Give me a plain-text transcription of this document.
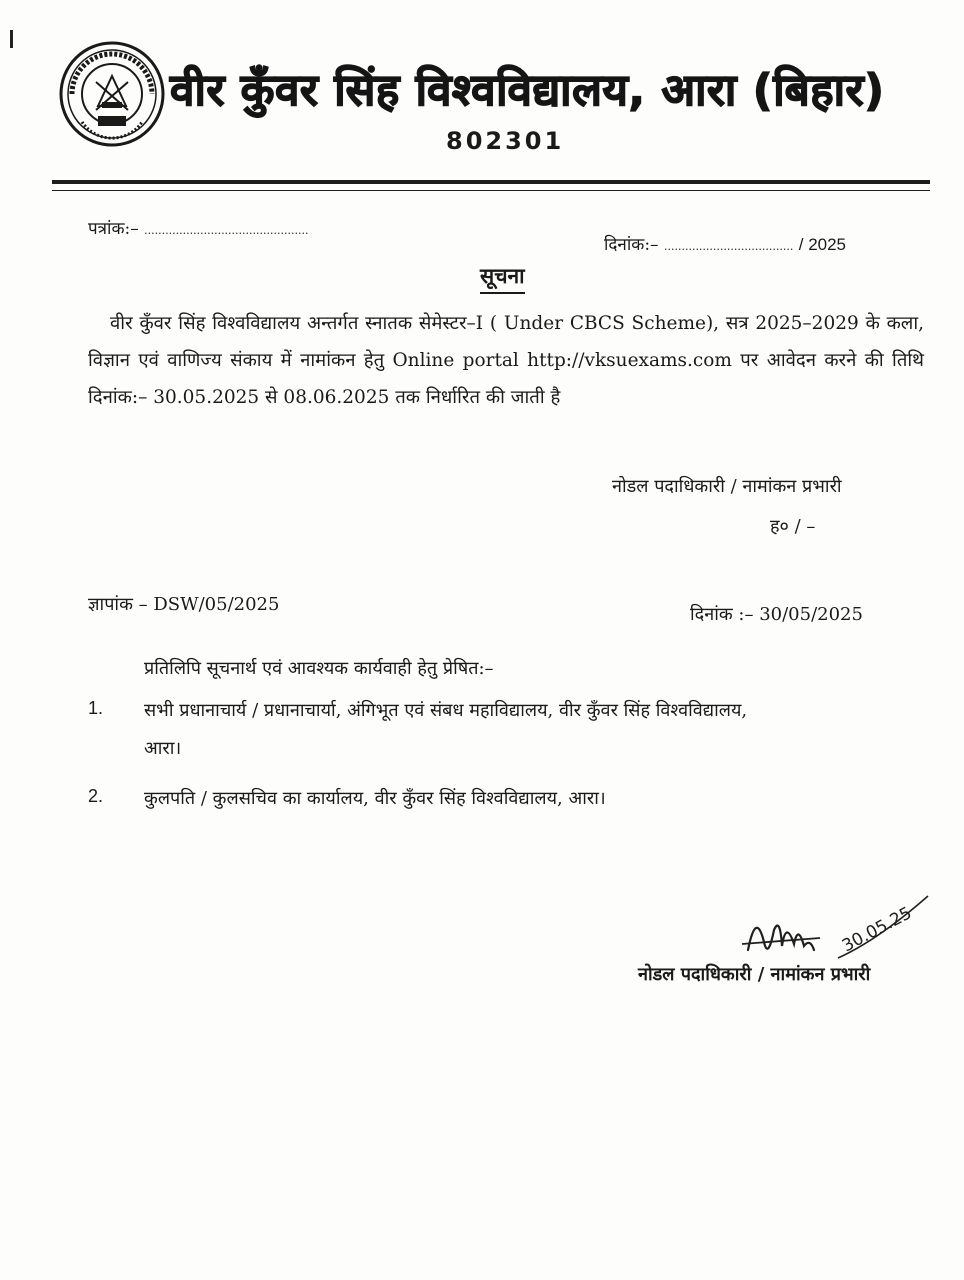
वीर कुँवर सिंह विश्वविद्यालय, आरा (बिहार)
802301
पत्रांक:– ...............................................
दिनांक:– ..................................... / 2025
सूचना
वीर कुँवर सिंह विश्वविद्यालय अन्तर्गत स्नातक सेमेस्टर–I ( Under CBCS Scheme), सत्र 2025–2029 के कला, विज्ञान एवं वाणिज्य संकाय में नामांकन हेतु Online portal http://vksuexams.com पर आवेदन करने की तिथि दिनांक:– 30.05.2025 से 08.06.2025 तक निर्धारित की जाती है
नोडल पदाधिकारी / नामांकन प्रभारी
ह० / –
ज्ञापांक – DSW/05/2025	दिनांक :– 30/05/2025
प्रतिलिपि सूचनार्थ एवं आवश्यक कार्यवाही हेतु प्रेषित:–
1. सभी प्रधानाचार्य / प्रधानाचार्या, अंगिभूत एवं संबध महाविद्यालय, वीर कुँवर सिंह विश्वविद्यालय,
आरा।
2. कुलपति / कुलसचिव का कार्यालय, वीर कुँवर सिंह विश्वविद्यालय, आरा।
30.05.25
नोडल पदाधिकारी / नामांकन प्रभारी
